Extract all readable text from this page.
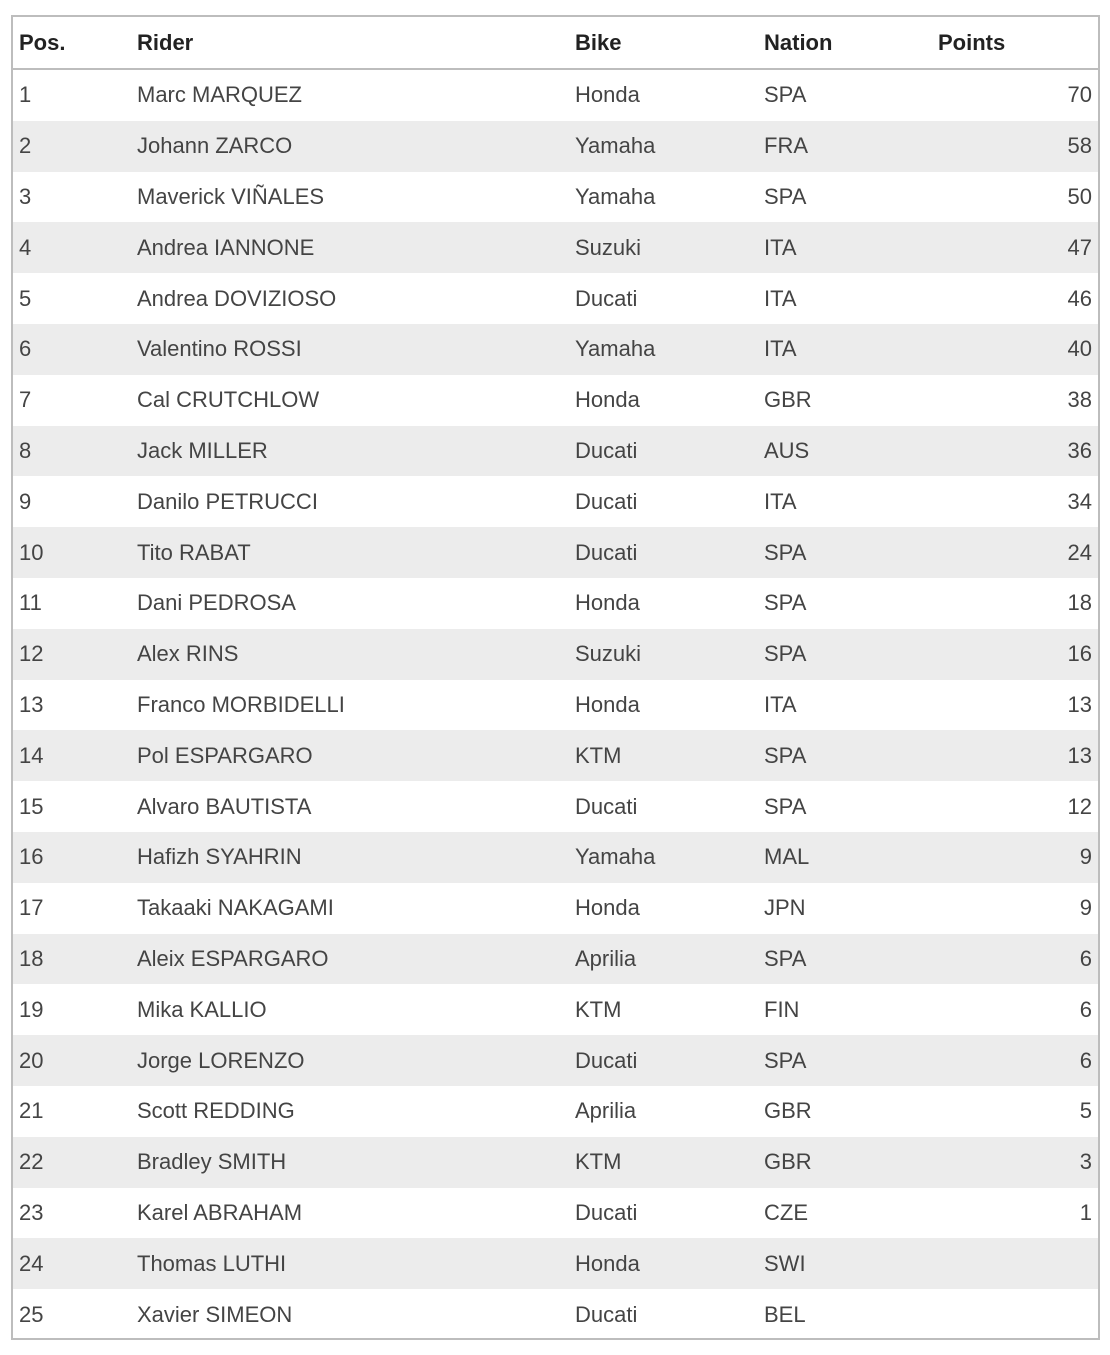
Pos.	Rider	Bike	Nation	Points
1	Marc MARQUEZ	Honda	SPA	70
2	Johann ZARCO	Yamaha	FRA	58
3	Maverick VIÑALES	Yamaha	SPA	50
4	Andrea IANNONE	Suzuki	ITA	47
5	Andrea DOVIZIOSO	Ducati	ITA	46
6	Valentino ROSSI	Yamaha	ITA	40
7	Cal CRUTCHLOW	Honda	GBR	38
8	Jack MILLER	Ducati	AUS	36
9	Danilo PETRUCCI	Ducati	ITA	34
10	Tito RABAT	Ducati	SPA	24
11	Dani PEDROSA	Honda	SPA	18
12	Alex RINS	Suzuki	SPA	16
13	Franco MORBIDELLI	Honda	ITA	13
14	Pol ESPARGARO	KTM	SPA	13
15	Alvaro BAUTISTA	Ducati	SPA	12
16	Hafizh SYAHRIN	Yamaha	MAL	9
17	Takaaki NAKAGAMI	Honda	JPN	9
18	Aleix ESPARGARO	Aprilia	SPA	6
19	Mika KALLIO	KTM	FIN	6
20	Jorge LORENZO	Ducati	SPA	6
21	Scott REDDING	Aprilia	GBR	5
22	Bradley SMITH	KTM	GBR	3
23	Karel ABRAHAM	Ducati	CZE	1
24	Thomas LUTHI	Honda	SWI	
25	Xavier SIMEON	Ducati	BEL	
